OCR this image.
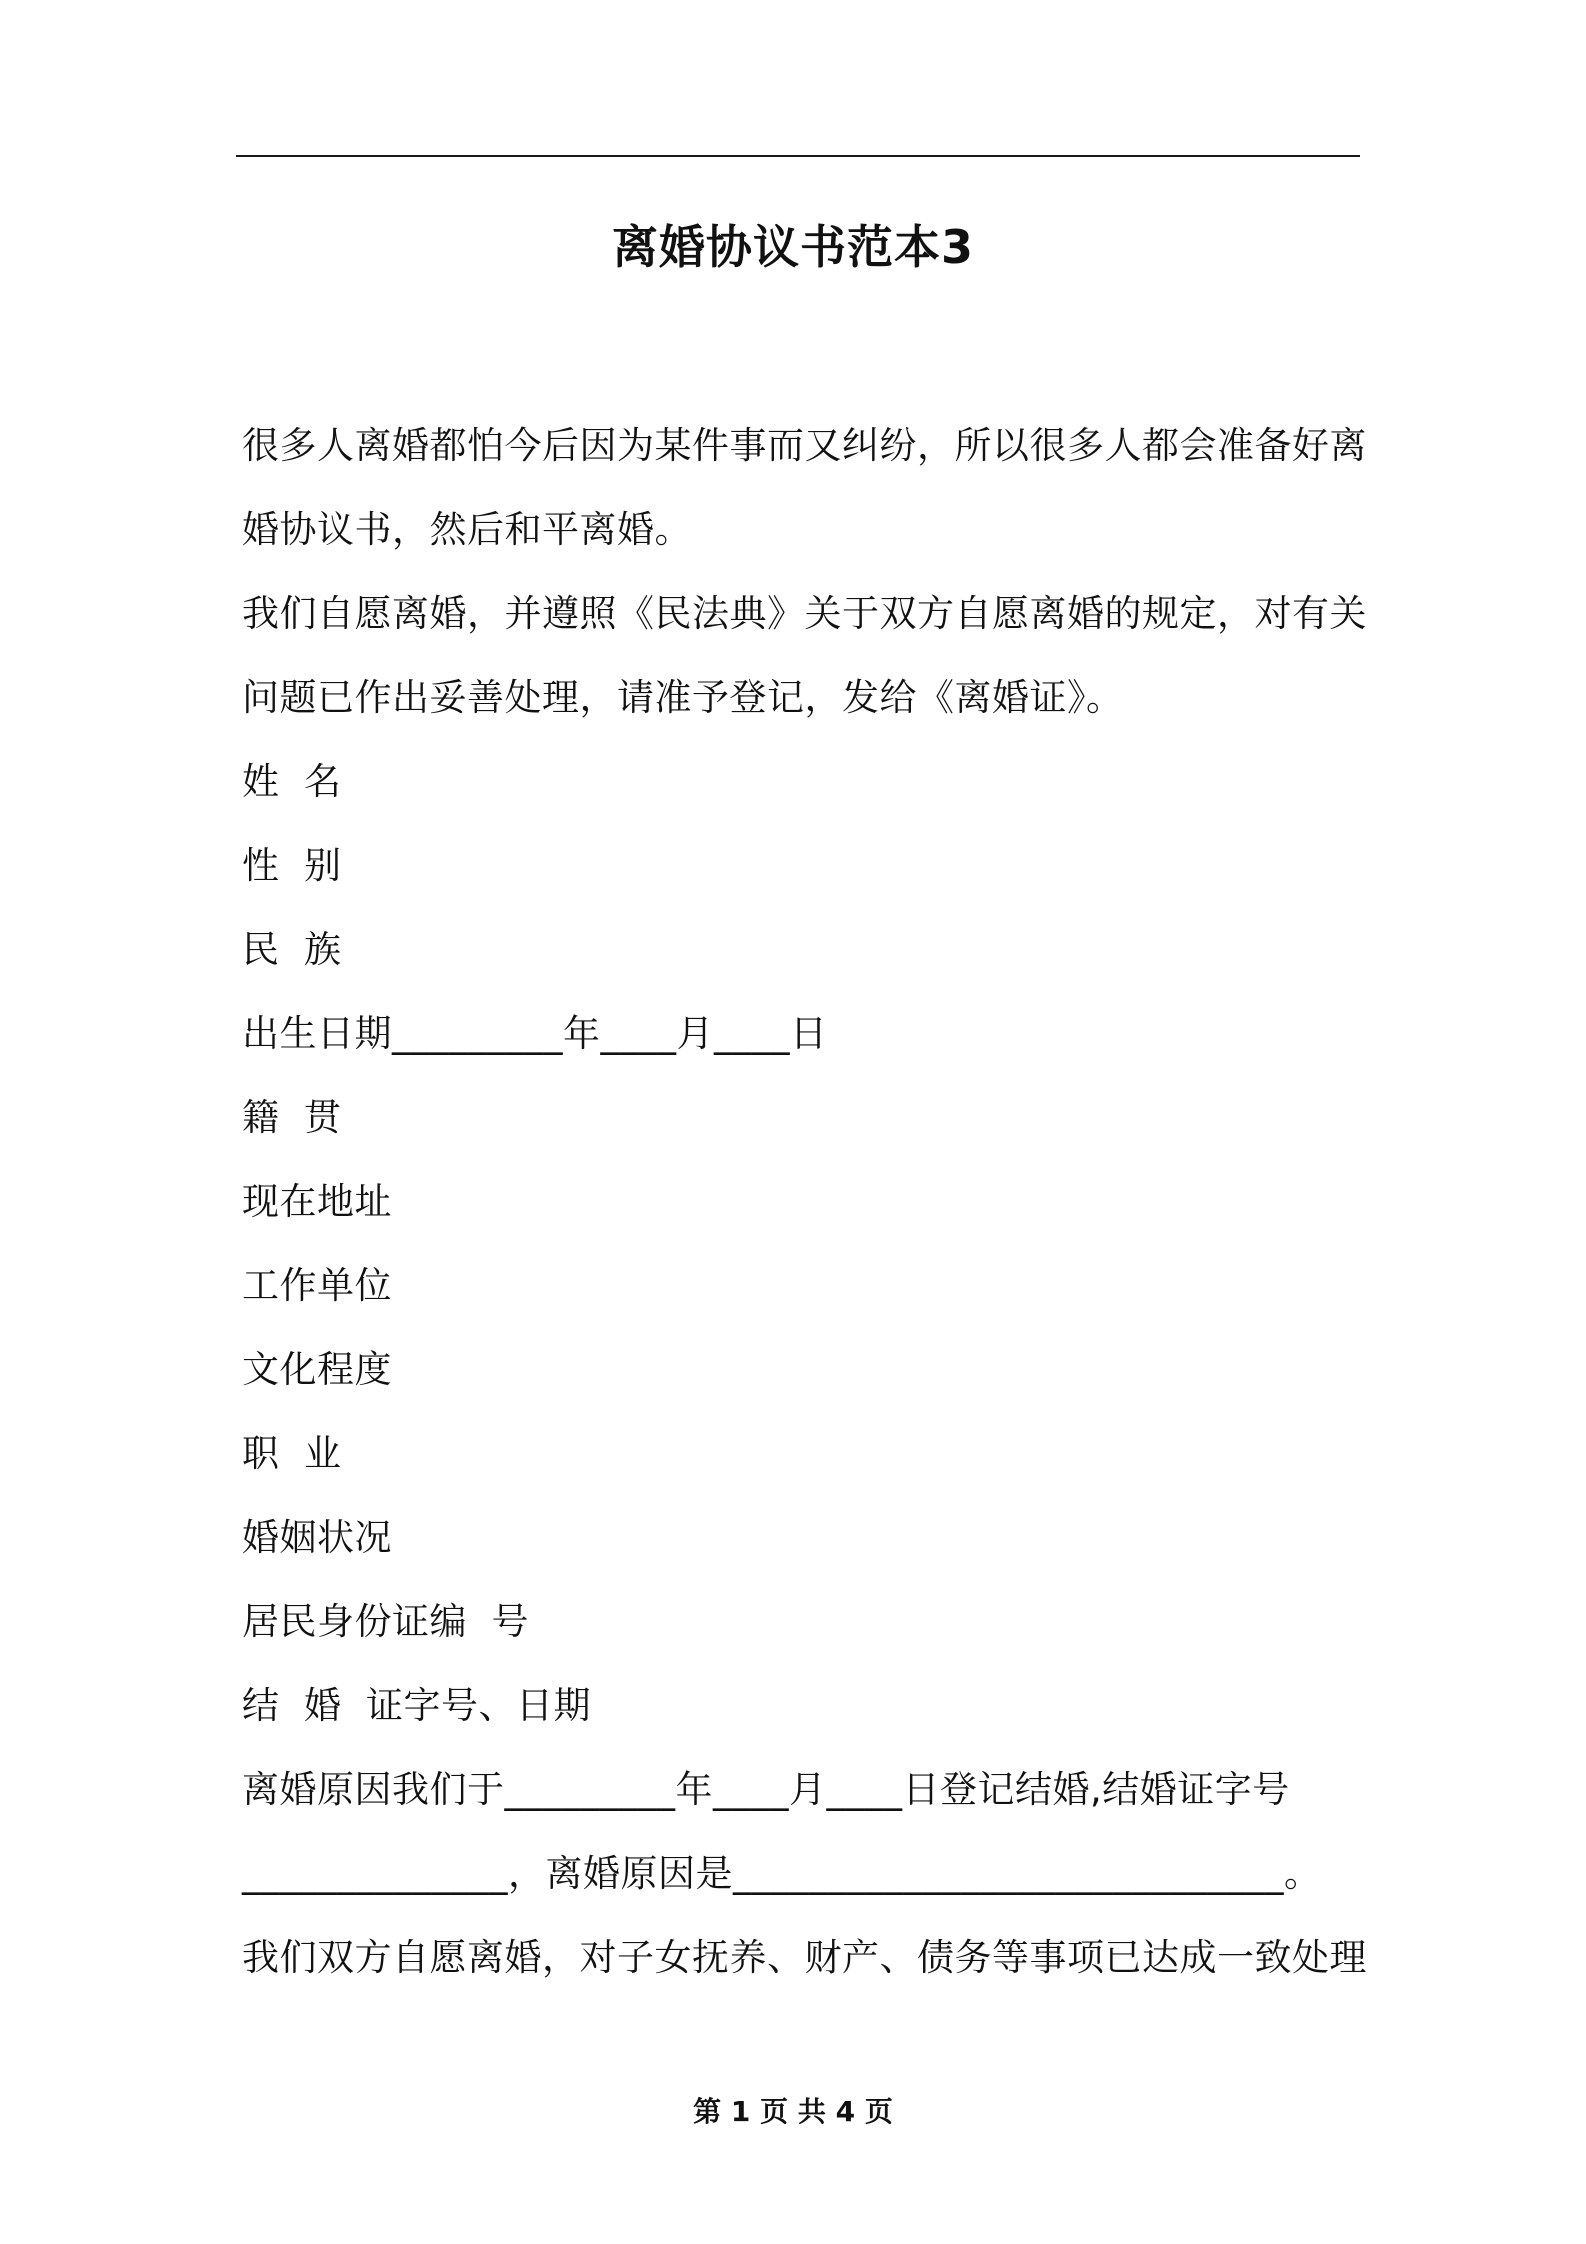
离婚协议书范本3
很多人离婚都怕今后因为某件事而又纠纷，所以很多人都会准备好离
婚协议书，然后和平离婚。
我们自愿离婚，并遵照《民法典》关于双方自愿离婚的规定，对有关
问题已作出妥善处理，请准予登记，发给《离婚证》。
姓  名
性  别
民  族
出生日期_________年____月____日
籍  贯
现在地址
工作单位
文化程度
职  业
婚姻状况
居民身份证编  号
结  婚  证字号、日期
离婚原因我们于_________年____月____日登记结婚,结婚证字号
______________，离婚原因是_____________________________。
我们双方自愿离婚，对子女抚养、财产、债务等事项已达成一致处理
第 1 页 共 4 页
